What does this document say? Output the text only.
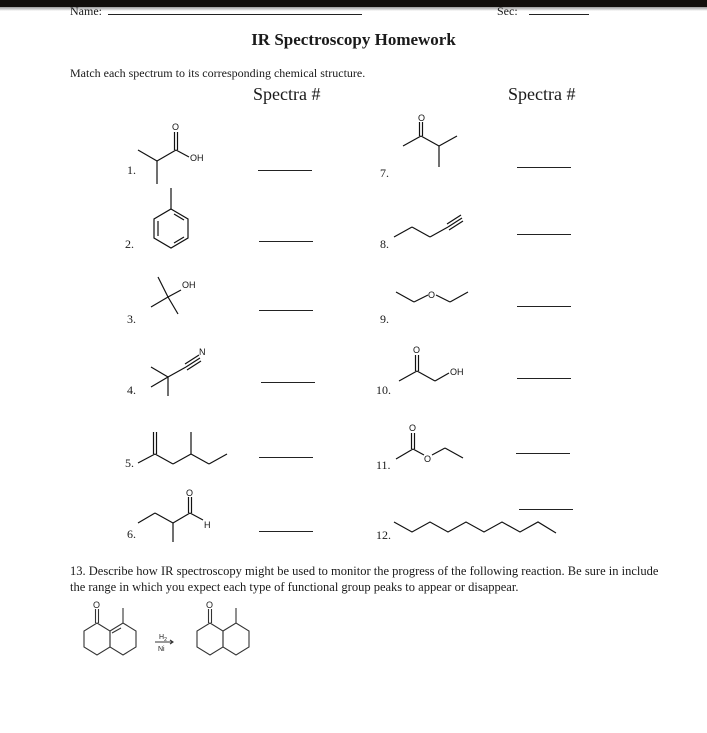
Name:	Sec:
IR Spectroscopy Homework
Match each spectrum to its corresponding chemical structure.
Spectra #	Spectra #
1.
O
OH
2.
3.
OH
4.
N
5.
6.
O
H
7.
O
8.
9.
O
10.
O
OH
11.
O
O
12.
13. Describe how IR spectroscopy might be used to monitor the progress of the following reaction. Be sure in include the range in which you expect each type of functional group peaks to appear or disappear.
O
$H_2$
Ni
O
